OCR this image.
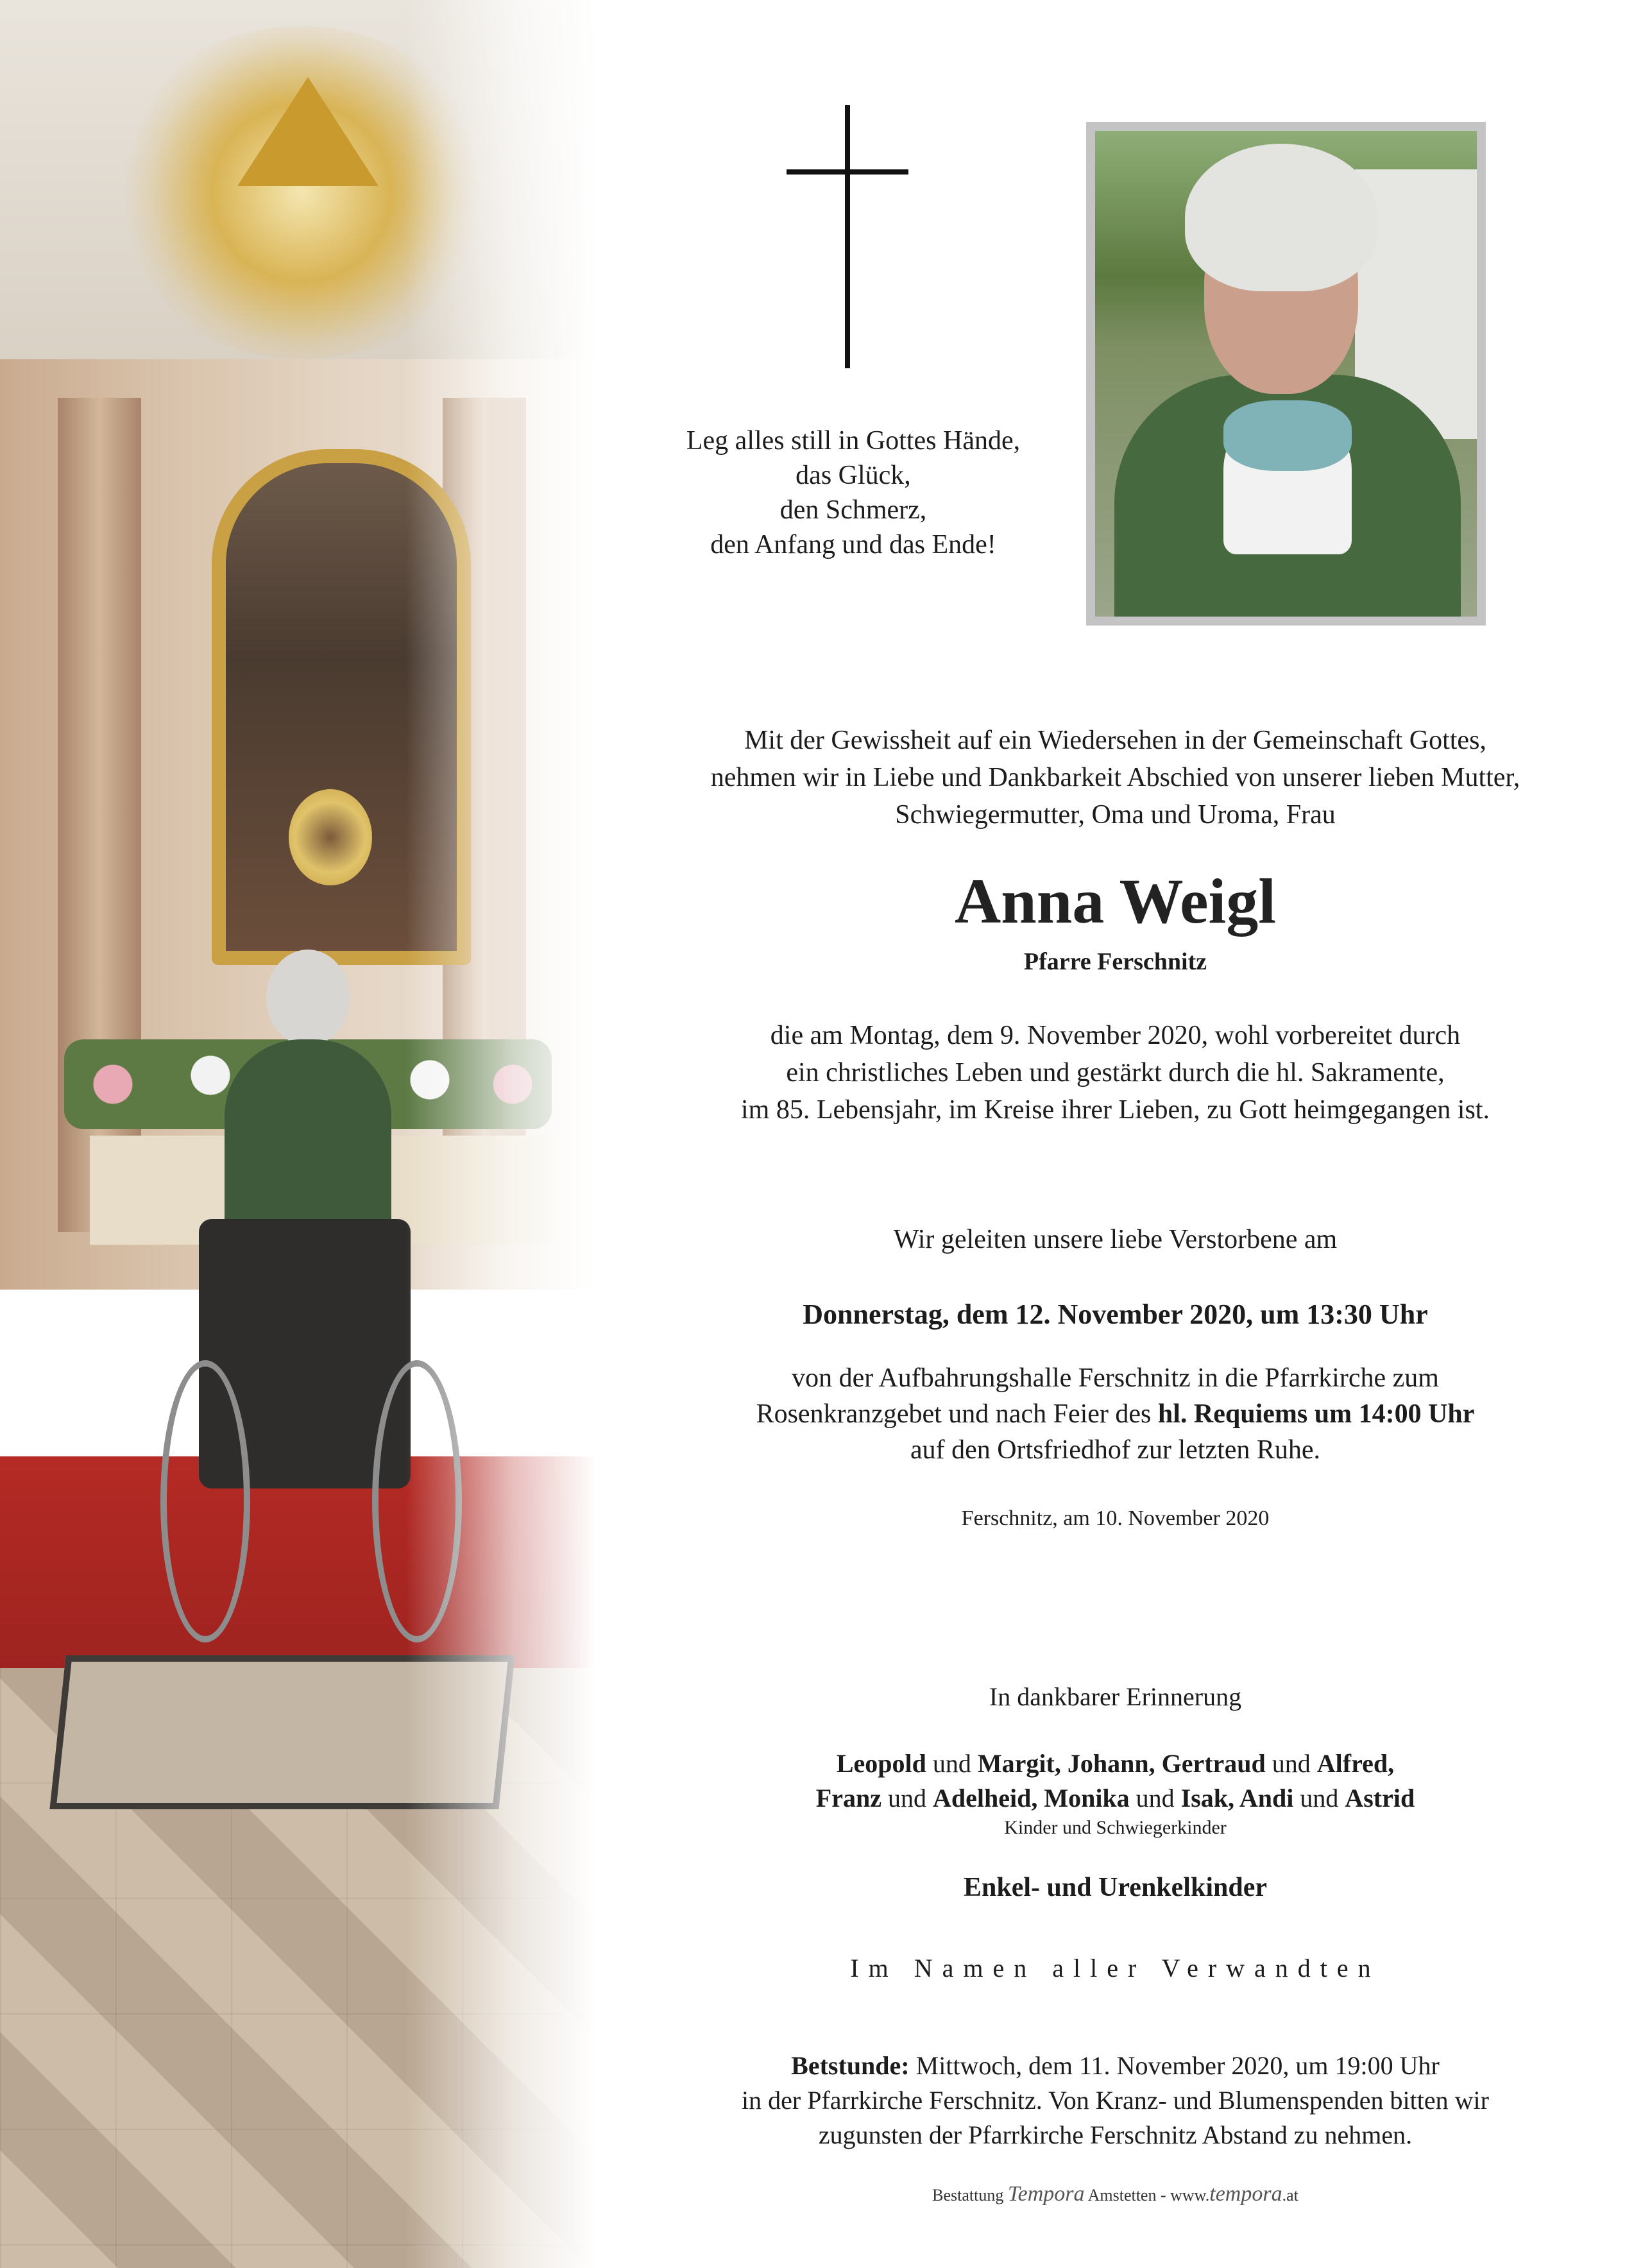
Leg alles still in Gottes Hände,
das Glück,
den Schmerz,
den Anfang und das Ende!
Mit der Gewissheit auf ein Wiedersehen in der Gemeinschaft Gottes,
nehmen wir in Liebe und Dankbarkeit Abschied von unserer lieben Mutter,
Schwiegermutter, Oma und Uroma, Frau
Anna Weigl
Pfarre Ferschnitz
die am Montag, dem 9. November 2020, wohl vorbereitet durch
ein christliches Leben und gestärkt durch die hl. Sakramente,
im 85. Lebensjahr, im Kreise ihrer Lieben, zu Gott heimgegangen ist.
Wir geleiten unsere liebe Verstorbene am
Donnerstag, dem 12. November 2020, um 13:30 Uhr
von der Aufbahrungshalle Ferschnitz in die Pfarrkirche zum
Rosenkranzgebet und nach Feier des hl. Requiems um 14:00 Uhr
auf den Ortsfriedhof zur letzten Ruhe.
Ferschnitz, am 10. November 2020
In dankbarer Erinnerung
Leopold und Margit, Johann, Gertraud und Alfred,
Franz und Adelheid, Monika und Isak, Andi und Astrid
Kinder und Schwiegerkinder
Enkel- und Urenkelkinder
Im Namen aller Verwandten
Betstunde: Mittwoch, dem 11. November 2020, um 19:00 Uhr
in der Pfarrkirche Ferschnitz. Von Kranz- und Blumenspenden bitten wir
zugunsten der Pfarrkirche Ferschnitz Abstand zu nehmen.
Bestattung Tempora Amstetten - www.tempora.at
